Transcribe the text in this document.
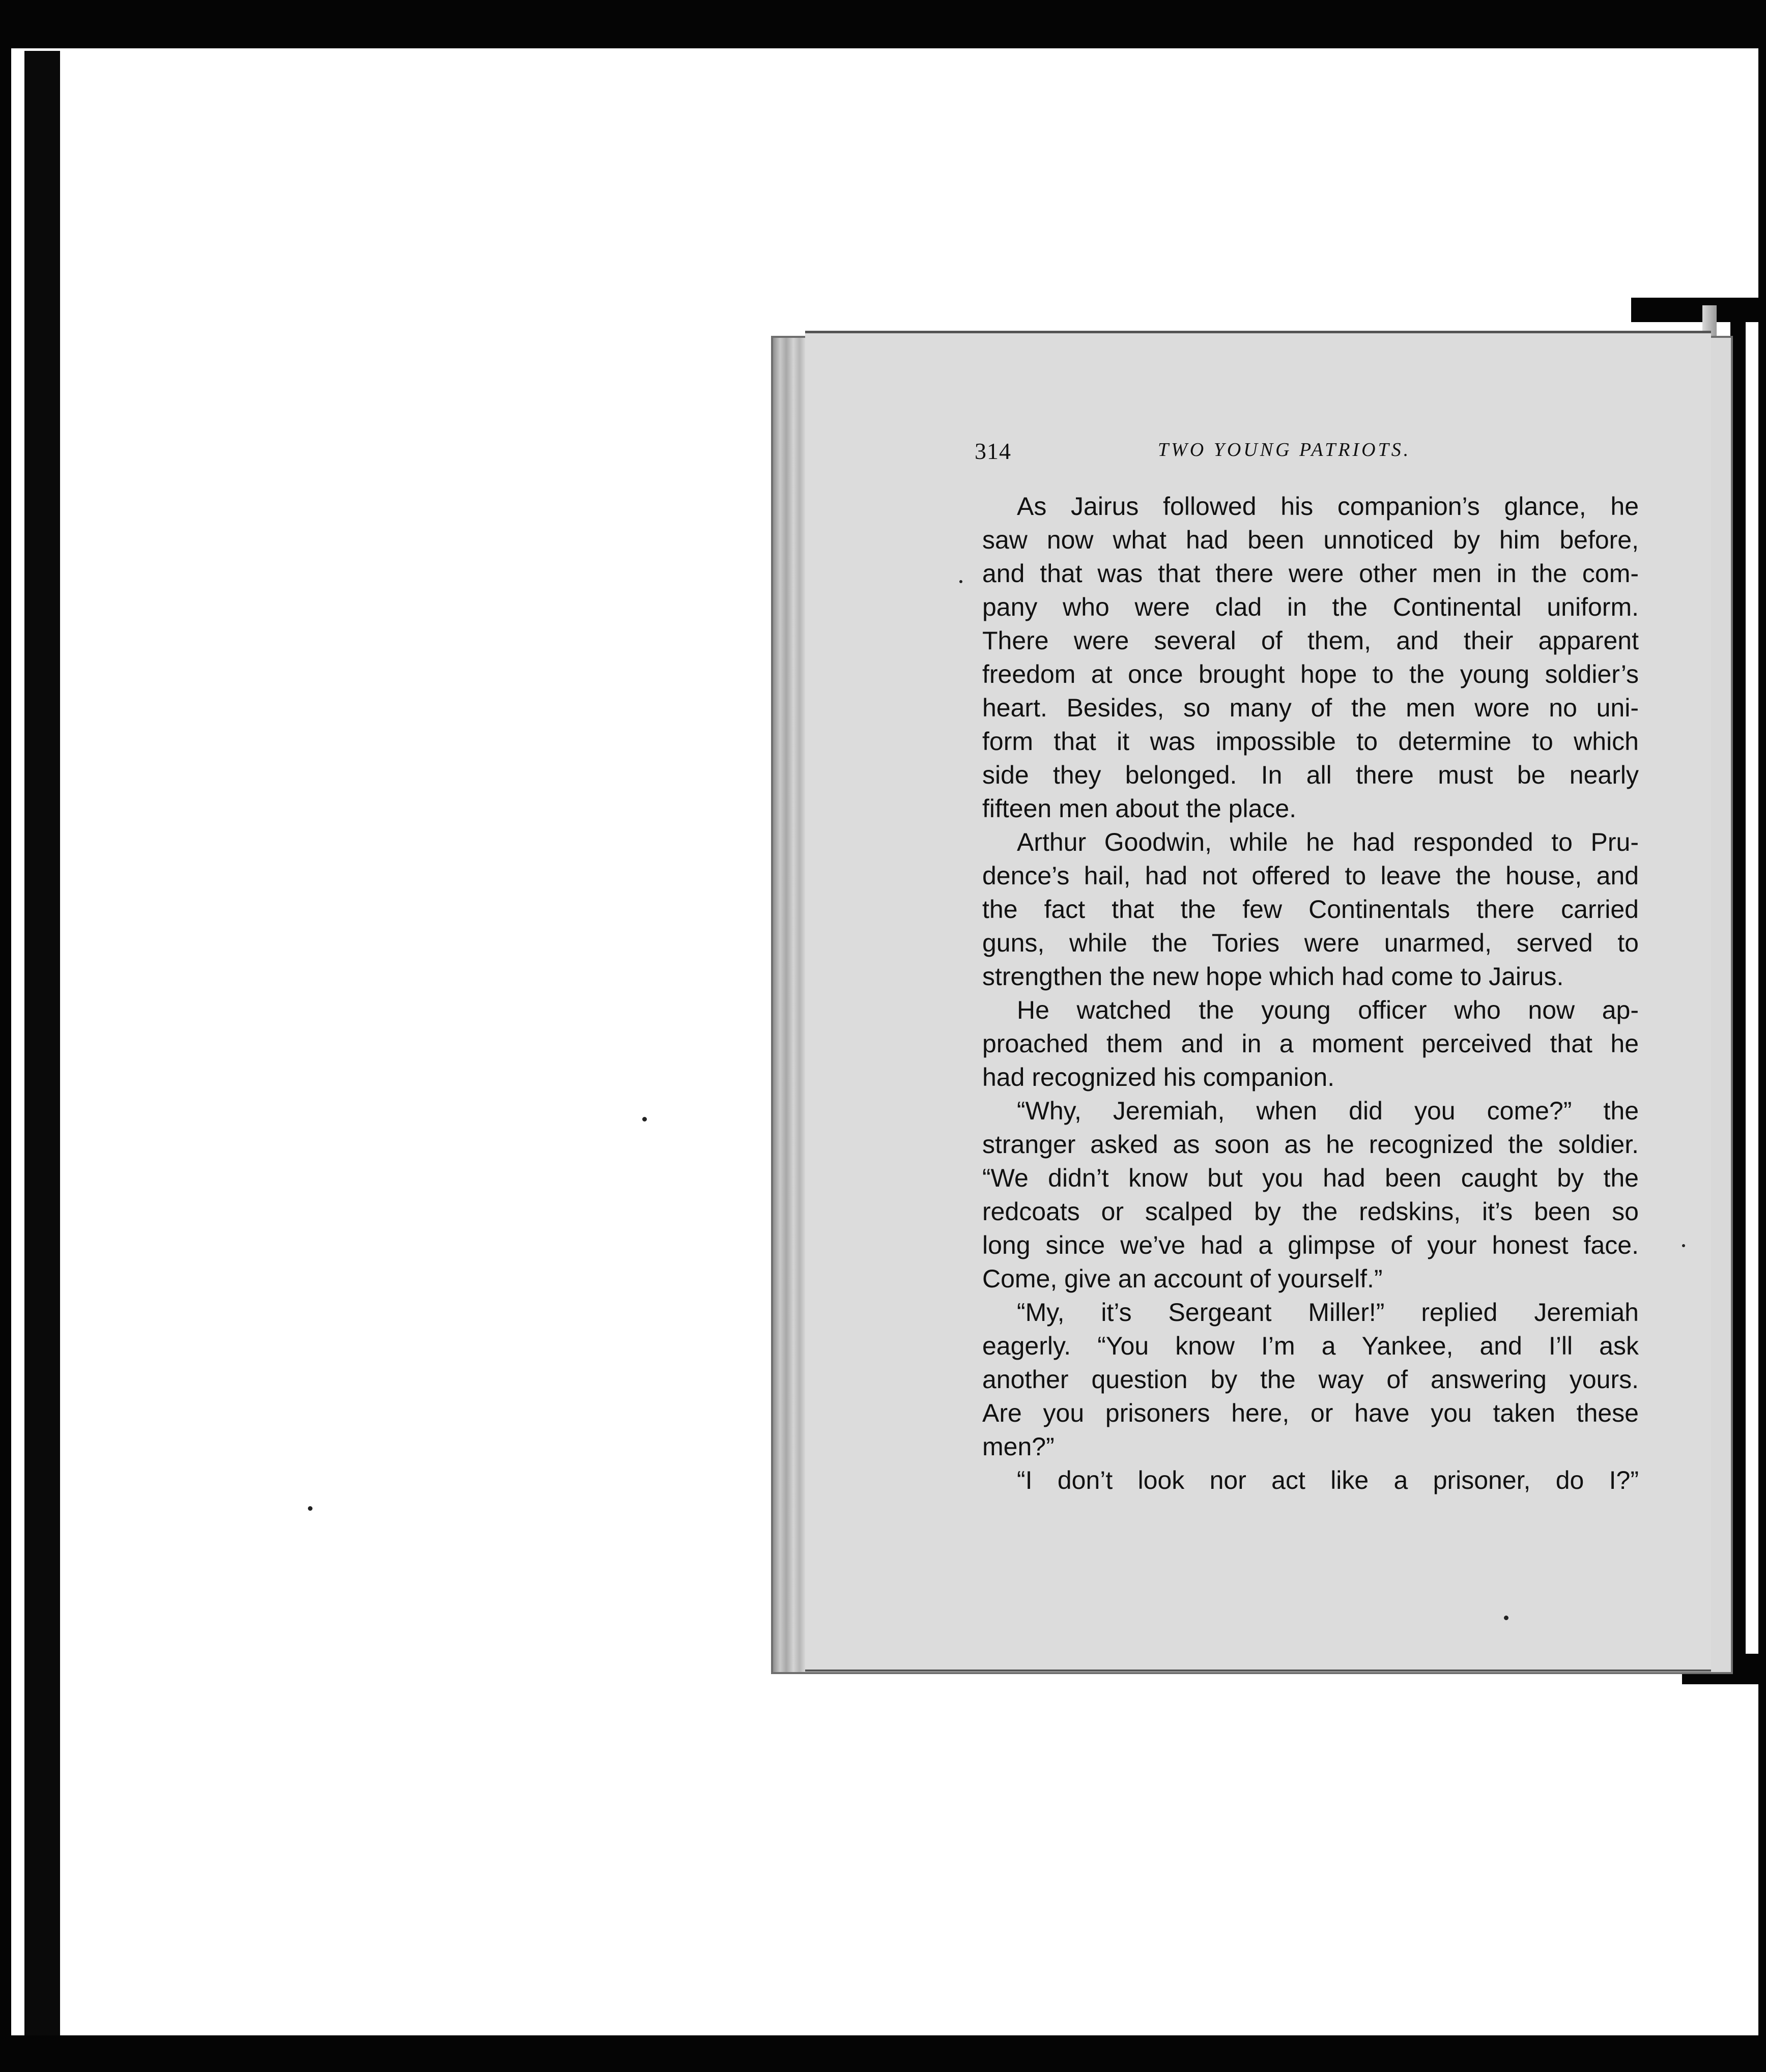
314	TWO YOUNG PATRIOTS.
As Jairus followed his companion’s glance, he
saw now what had been unnoticed by him before,
and that was that there were other men in the com-
pany who were clad in the Continental uniform.
There were several of them, and their apparent
freedom at once brought hope to the young soldier’s
heart. Besides, so many of the men wore no uni-
form that it was impossible to determine to which
side they belonged. In all there must be nearly
fifteen men about the place.
Arthur Goodwin, while he had responded to Pru-
dence’s hail, had not offered to leave the house, and
the fact that the few Continentals there carried
guns, while the Tories were unarmed, served to
strengthen the new hope which had come to Jairus.
He watched the young officer who now ap-
proached them and in a moment perceived that he
had recognized his companion.
“Why, Jeremiah, when did you come?” the
stranger asked as soon as he recognized the soldier.
“We didn’t know but you had been caught by the
redcoats or scalped by the redskins, it’s been so
long since we’ve had a glimpse of your honest face.
Come, give an account of yourself.”
“My, it’s Sergeant Miller!” replied Jeremiah
eagerly. “You know I’m a Yankee, and I’ll ask
another question by the way of answering yours.
Are you prisoners here, or have you taken these
men?”
“I don’t look nor act like a prisoner, do I?”
